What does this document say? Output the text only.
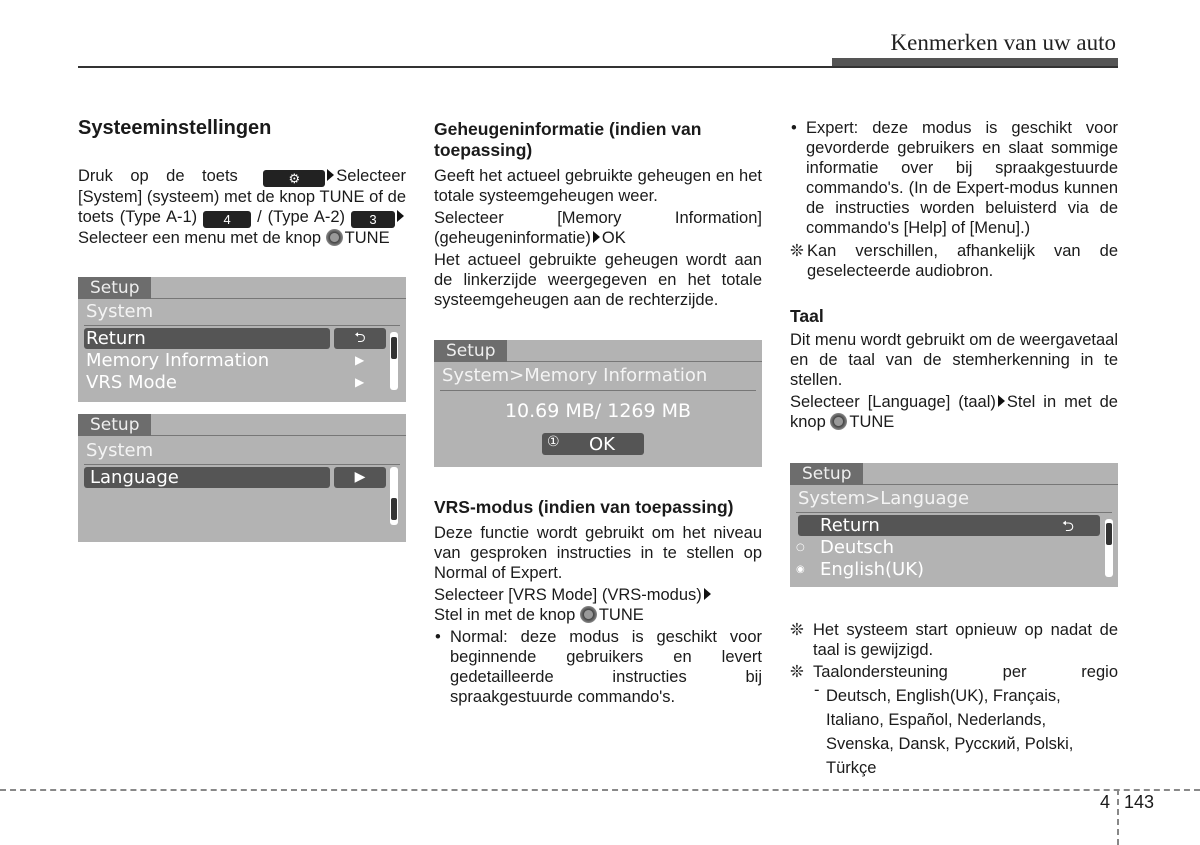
Kenmerken van uw auto
Systeeminstellingen

Druk op de toets	⚙ Selecteer [System] (systeem) met de knop TUNE of de toets (Type A-1) 4 / (Type A-2) 3Selecteer een menu met de knop TUNE

Setup
System
⮌
Return
Memory Information	▶
VRS Mode	▶
Setup
System
▶
Language
Geheugeninformatie (indien van toepassing)

Geeft het actueel gebruikte geheugen en het totale systeemgeheugen weer.

Selecteer [Memory Information] (geheugeninformatie) OK

Het actueel gebruikte geheugen wordt aan de linkerzijde weergegeven en het totale systeemgeheugen aan de rechterzijde.

Setup
System>Memory Information
10.69 MB/ 1269 MB
① OK
VRS-modus (indien van toepassing)

Deze functie wordt gebruikt om het niveau van gesproken instructies in te stellen op Normal of Expert.

Selecteer [VRS Mode] (VRS-modus)
Stel in met de knop TUNE

• Normal: deze modus is geschikt voor beginnende gebruikers en levert gedetailleerde instructies bij spraakgestuurde commando's.
• Expert: deze modus is geschikt voor gevorderde gebruikers en slaat sommige informatie over bij spraakgestuurde commando's. (In de Expert-modus kunnen de instructies worden beluisterd via de commando's [Help] of [Menu].)

❊ Kan verschillen, afhankelijk van de geselecteerde audiobron.

Taal

Dit menu wordt gebruikt om de weergavetaal en de taal van de stemherkenning in te stellen.

Selecteer [Language] (taal) Stel in met de knop TUNE

Setup
System>Language
Return	⮌
○ Deutsch
◉ English(UK)

❊ Het systeem start opnieuw op nadat de taal is gewijzigd.

❊ Taalondersteuning per regio

- Deutsch, English(UK), Français,
Italiano, Español, Nederlands,
Svenska, Dansk, Русский, Polski,
Türkçe
4 143
